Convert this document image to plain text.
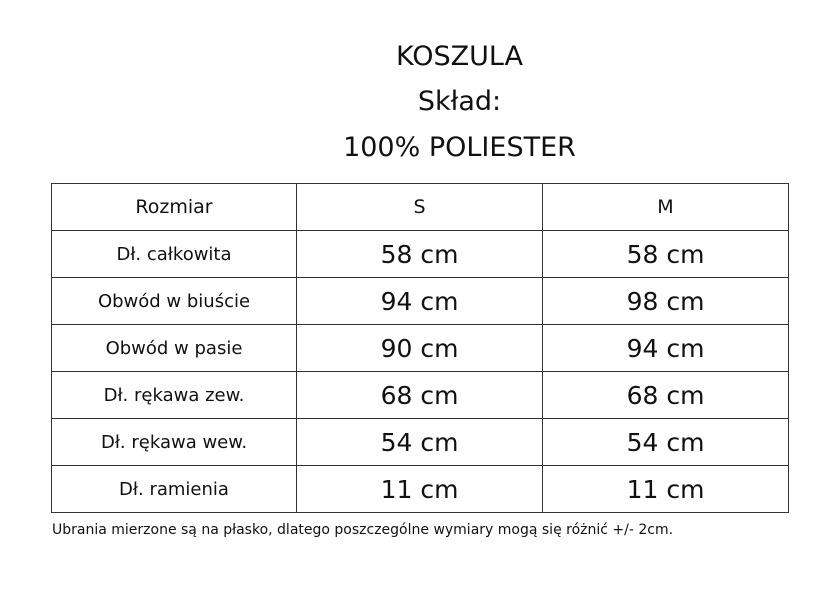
KOSZULA
Skład:
100% POLIESTER
Rozmiar	S	M
Dł. całkowita	58 cm	58 cm
Obwód w biuście	94 cm	98 cm
Obwód w pasie	90 cm	94 cm
Dł. rękawa zew.	68 cm	68 cm
Dł. rękawa wew.	54 cm	54 cm
Dł. ramienia	11 cm	11 cm
Ubrania mierzone są na płasko, dlatego poszczególne wymiary mogą się różnić +/- 2cm.
